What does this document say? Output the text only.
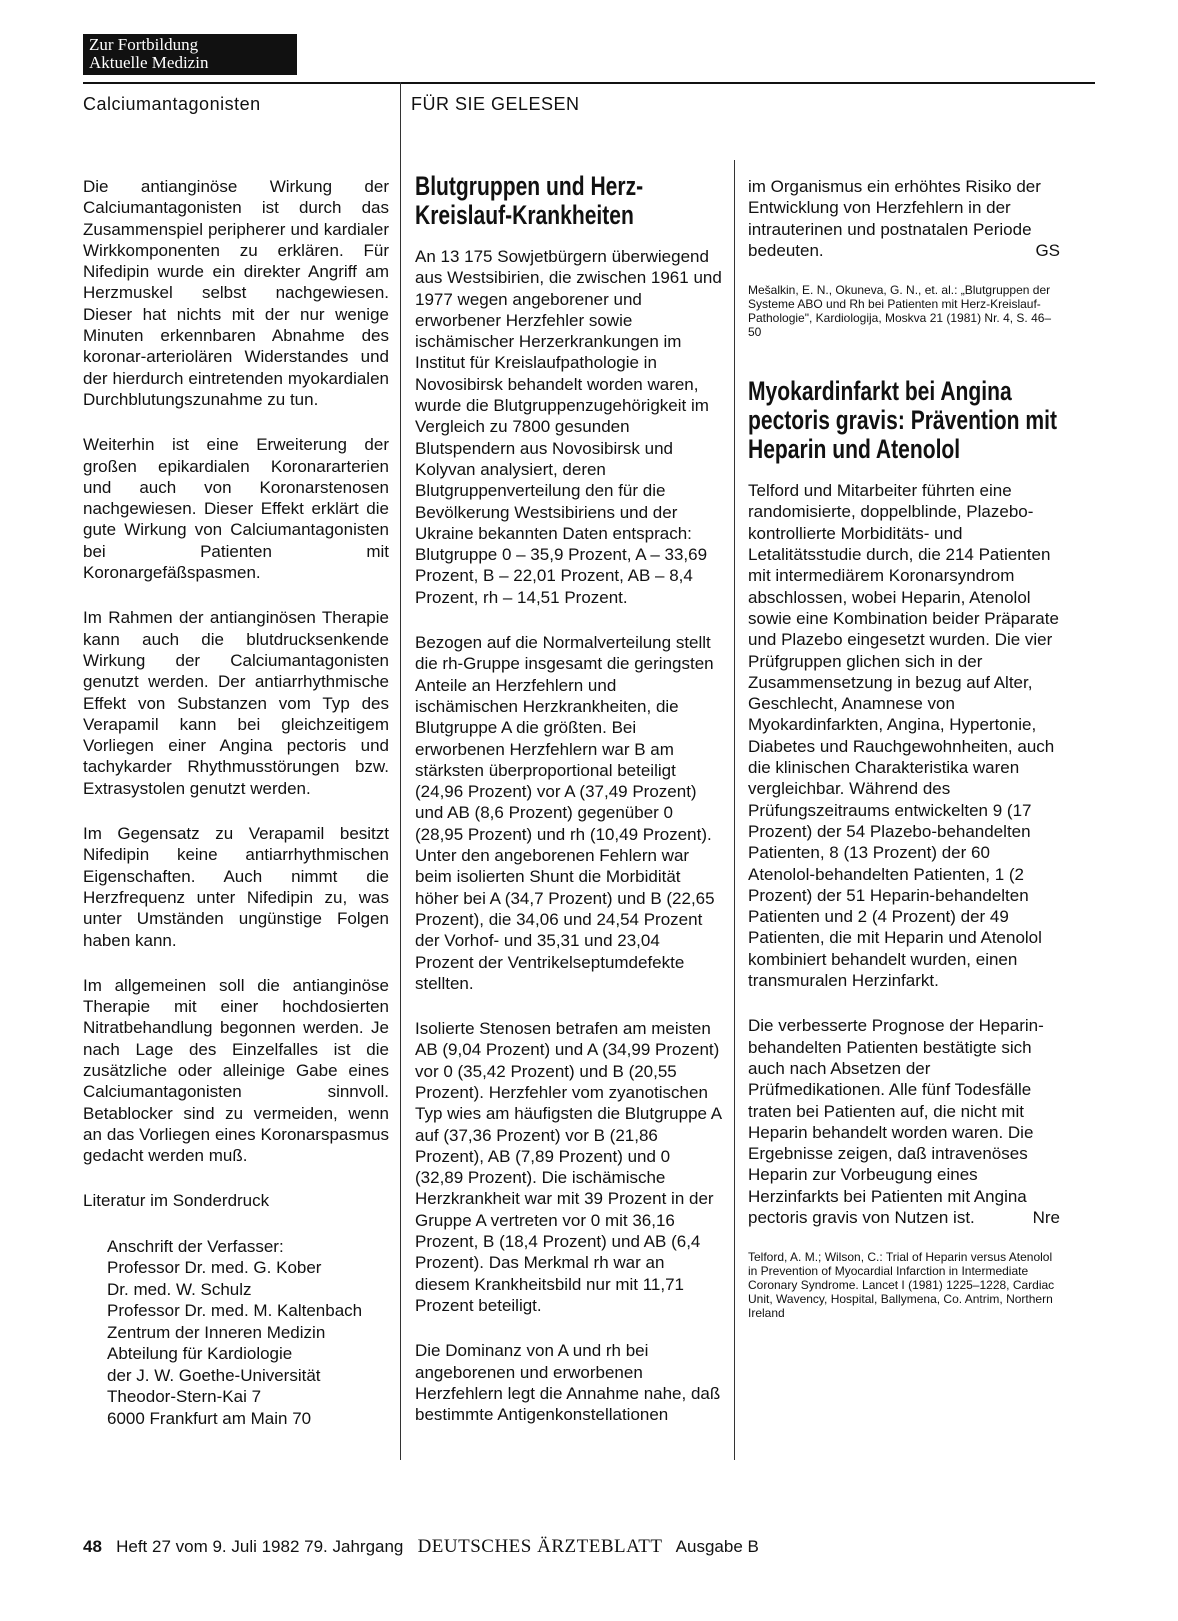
Zur Fortbildung
Aktuelle Medizin
Calciumantagonisten	FÜR SIE GELESEN

Die antianginöse Wirkung der Calciumantagonisten ist durch das Zusammenspiel peripherer und kardialer Wirkkomponenten zu erklären. Für Nifedipin wurde ein direkter Angriff am Herzmuskel selbst nachgewiesen. Dieser hat nichts mit der nur wenige Minuten erkennbaren Abnahme des koronar-arteriolären Widerstandes und der hierdurch eintretenden myokardialen Durchblutungszunahme zu tun.

Weiterhin ist eine Erweiterung der großen epikardialen Koronararterien und auch von Koronarstenosen nachgewiesen. Dieser Effekt erklärt die gute Wirkung von Calciumantagonisten bei Patienten mit Koronargefäßspasmen.

Im Rahmen der antianginösen Therapie kann auch die blutdrucksenkende Wirkung der Calciumantagonisten genutzt werden. Der antiarrhythmische Effekt von Substanzen vom Typ des Verapamil kann bei gleichzeitigem Vorliegen einer Angina pectoris und tachykarder Rhythmusstörungen bzw. Extrasystolen genutzt werden.

Im Gegensatz zu Verapamil besitzt Nifedipin keine antiarrhythmischen Eigenschaften. Auch nimmt die Herzfrequenz unter Nifedipin zu, was unter Umständen ungünstige Folgen haben kann.

Im allgemeinen soll die antianginöse Therapie mit einer hochdosierten Nitratbehandlung begonnen werden. Je nach Lage des Einzelfalles ist die zusätzliche oder alleinige Gabe eines Calciumantagonisten sinnvoll. Betablocker sind zu vermeiden, wenn an das Vorliegen eines Koronarspasmus gedacht werden muß.

Literatur im Sonderdruck

Anschrift der Verfasser:
Professor Dr. med. G. Kober
Dr. med. W. Schulz
Professor Dr. med. M. Kaltenbach
Zentrum der Inneren Medizin
Abteilung für Kardiologie
der J. W. Goethe-Universität
Theodor-Stern-Kai 7
6000 Frankfurt am Main 70
Blutgruppen und Herz-Kreislauf-Krankheiten

An 13 175 Sowjetbürgern überwiegend aus Westsibirien, die zwischen 1961 und 1977 wegen angeborener und erworbener Herzfehler sowie ischämischer Herzerkrankungen im Institut für Kreislaufpathologie in Novosibirsk behandelt worden waren, wurde die Blutgruppenzugehörigkeit im Vergleich zu 7800 gesunden Blutspendern aus Novosibirsk und Kolyvan analysiert, deren Blutgruppenverteilung den für die Bevölkerung Westsibiriens und der Ukraine bekannten Daten entsprach: Blutgruppe 0 – 35,9 Prozent, A – 33,69 Prozent, B – 22,01 Prozent, AB – 8,4 Prozent, rh – 14,51 Prozent.

Bezogen auf die Normalverteilung stellt die rh-Gruppe insgesamt die geringsten Anteile an Herzfehlern und ischämischen Herzkrankheiten, die Blutgruppe A die größten. Bei erworbenen Herzfehlern war B am stärksten überproportional beteiligt (24,96 Prozent) vor A (37,49 Prozent) und AB (8,6 Prozent) gegenüber 0 (28,95 Prozent) und rh (10,49 Prozent). Unter den angeborenen Fehlern war beim isolierten Shunt die Morbidität höher bei A (34,7 Prozent) und B (22,65 Prozent), die 34,06 und 24,54 Prozent der Vorhof- und 35,31 und 23,04 Prozent der Ventrikelseptumdefekte stellten.

Isolierte Stenosen betrafen am meisten AB (9,04 Prozent) und A (34,99 Prozent) vor 0 (35,42 Prozent) und B (20,55 Prozent). Herzfehler vom zyanotischen Typ wies am häufigsten die Blutgruppe A auf (37,36 Prozent) vor B (21,86 Prozent), AB (7,89 Prozent) und 0 (32,89 Prozent). Die ischämische Herzkrankheit war mit 39 Prozent in der Gruppe A vertreten vor 0 mit 36,16 Prozent, B (18,4 Prozent) und AB (6,4 Prozent). Das Merkmal rh war an diesem Krankheitsbild nur mit 11,71 Prozent beteiligt.

Die Dominanz von A und rh bei angeborenen und erworbenen Herzfehlern legt die Annahme nahe, daß bestimmte Antigenkonstellationen

im Organismus ein erhöhtes Risiko der Entwicklung von Herzfehlern in der intrauterinen und postnatalen Periode bedeuten.	GS

Mešalkin, E. N., Okuneva, G. N., et. al.: „Blutgruppen der Systeme ABO und Rh bei Patienten mit Herz-Kreislauf-Pathologie", Kardiologija, Moskva 21 (1981) Nr. 4, S. 46–50

Myokardinfarkt bei Angina pectoris gravis: Prävention mit Heparin und Atenolol

Telford und Mitarbeiter führten eine randomisierte, doppelblinde, Plazebo-kontrollierte Morbiditäts- und Letalitätsstudie durch, die 214 Patienten mit intermediärem Koronarsyndrom abschlossen, wobei Heparin, Atenolol sowie eine Kombination beider Präparate und Plazebo eingesetzt wurden. Die vier Prüfgruppen glichen sich in der Zusammensetzung in bezug auf Alter, Geschlecht, Anamnese von Myokardinfarkten, Angina, Hypertonie, Diabetes und Rauchgewohnheiten, auch die klinischen Charakteristika waren vergleichbar. Während des Prüfungszeitraums entwickelten 9 (17 Prozent) der 54 Plazebo-behandelten Patienten, 8 (13 Prozent) der 60 Atenolol-behandelten Patienten, 1 (2 Prozent) der 51 Heparin-behandelten Patienten und 2 (4 Prozent) der 49 Patienten, die mit Heparin und Atenolol kombiniert behandelt wurden, einen transmuralen Herzinfarkt.

Die verbesserte Prognose der Heparin-behandelten Patienten bestätigte sich auch nach Absetzen der Prüfmedikationen. Alle fünf Todesfälle traten bei Patienten auf, die nicht mit Heparin behandelt worden waren. Die Ergebnisse zeigen, daß intravenöses Heparin zur Vorbeugung eines Herzinfarkts bei Patienten mit Angina pectoris gravis von Nutzen ist.	Nre

Telford, A. M.; Wilson, C.: Trial of Heparin versus Atenolol in Prevention of Myocardial Infarction in Intermediate Coronary Syndrome. Lancet I (1981) 1225–1228, Cardiac Unit, Wavency, Hospital, Ballymena, Co. Antrim, Northern Ireland

48 Heft 27 vom 9. Juli 1982 79. Jahrgang DEUTSCHES ÄRZTEBLATT Ausgabe B
